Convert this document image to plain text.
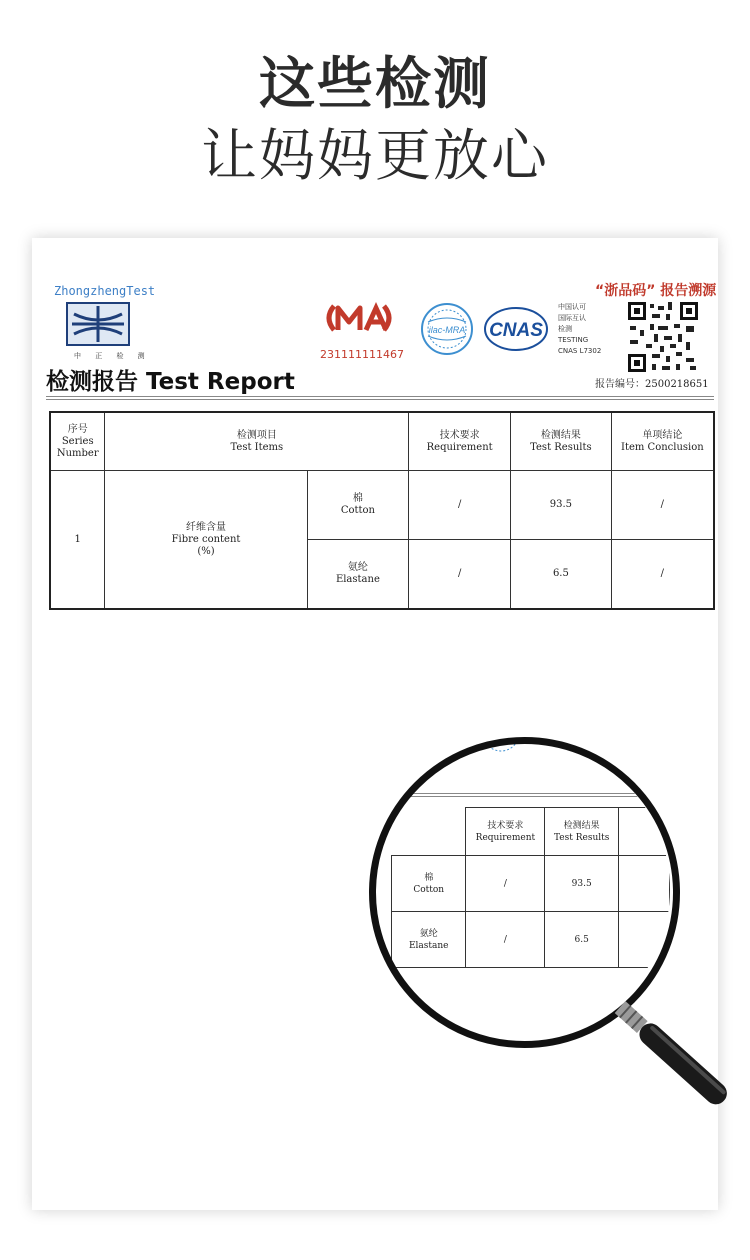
这些检测
让妈妈更放心
ZhongzhengTest
中 正 检 测
检测报告 Test Report
231111111467
ilac-MRA CNAS
中国认可
国际互认
检测
TESTING
CNAS L7302
“浙品码” 报告溯源
报告编号：2500218651
序号
Series
Number	检测项目
Test Items		技术要求
Requirement	检测结果
Test Results	单项结论
Item Conclusion

1	纤维含量
Fibre content
(%)	棉
Cotton	/	93.5	/

		氨纶
Elastane	/	6.5	/

	技术要求
Requirement	检测结果
Test Results	

棉
Cotton	/	93.5	

氨纶
Elastane	/	6.5	
